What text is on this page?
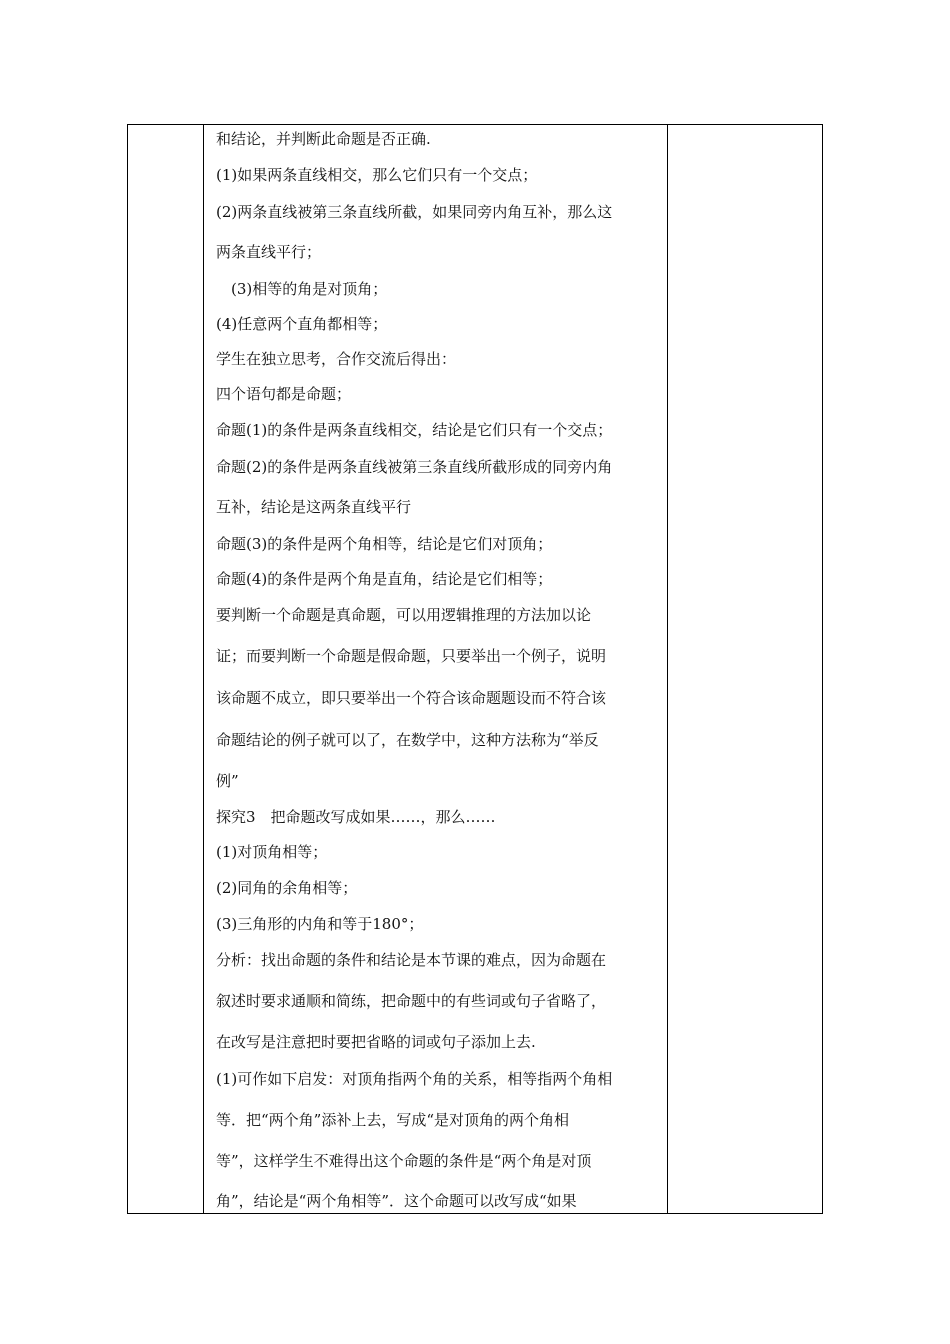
和结论，并判断此命题是否正确.
(1)如果两条直线相交，那么它们只有一个交点；
(2)两条直线被第三条直线所截，如果同旁内角互补，那么这
两条直线平行；
(3)相等的角是对顶角；
(4)任意两个直角都相等；
学生在独立思考，合作交流后得出：
四个语句都是命题；
命题(1)的条件是两条直线相交，结论是它们只有一个交点；
命题(2)的条件是两条直线被第三条直线所截形成的同旁内角
互补，结论是这两条直线平行
命题(3)的条件是两个角相等，结论是它们对顶角；
命题(4)的条件是两个角是直角，结论是它们相等；
要判断一个命题是真命题，可以用逻辑推理的方法加以论
证；而要判断一个命题是假命题，只要举出一个例子，说明
该命题不成立，即只要举出一个符合该命题题设而不符合该
命题结论的例子就可以了，在数学中，这种方法称为“举反
例”
探究3　把命题改写成如果……，那么……
(1)对顶角相等；
(2)同角的余角相等；
(3)三角形的内角和等于180°；
分析：找出命题的条件和结论是本节课的难点，因为命题在
叙述时要求通顺和简练，把命题中的有些词或句子省略了，
在改写是注意把时要把省略的词或句子添加上去.
(1)可作如下启发：对顶角指两个角的关系，相等指两个角相
等．把“两个角”添补上去，写成“是对顶角的两个角相
等”，这样学生不难得出这个命题的条件是“两个角是对顶
角”，结论是“两个角相等”．这个命题可以改写成“如果
